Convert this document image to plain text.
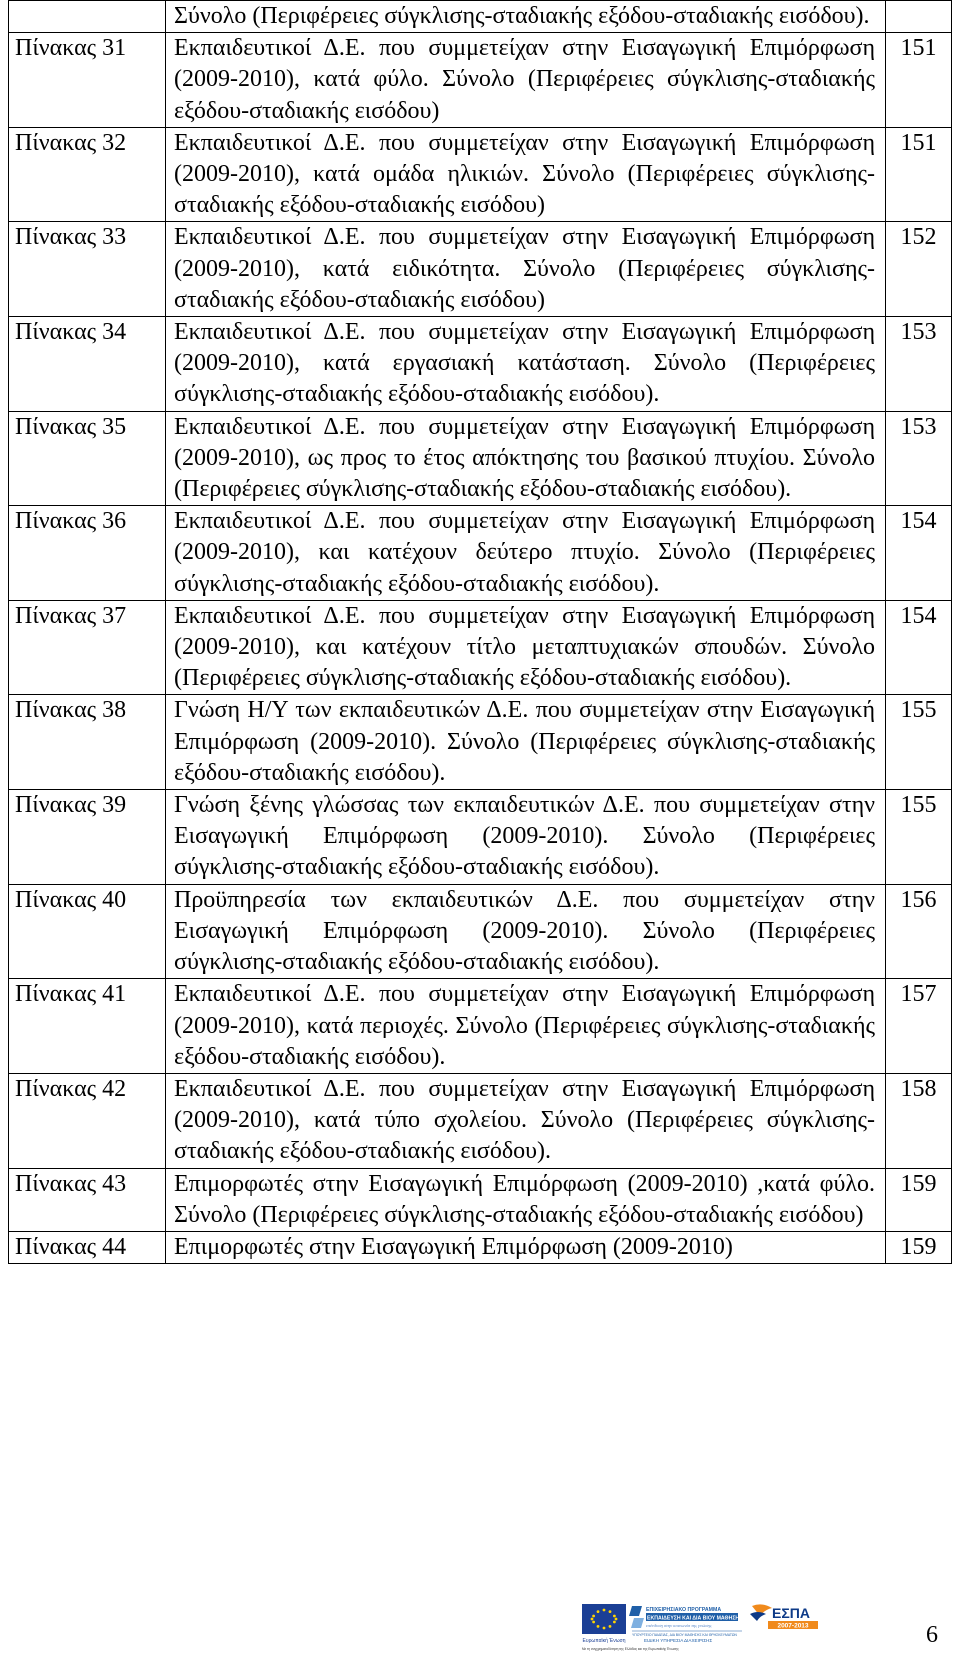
	Σύνολο (Περιφέρειες σύγκλισης-σταδιακής εξόδου-σταδιακής εισόδου).	
Πίνακας 31	Εκπαιδευτικοί Δ.Ε. που συμμετείχαν στην Εισαγωγική Επιμόρφωση (2009-2010), κατά φύλο. Σύνολο (Περιφέρειες σύγκλισης-σταδιακής εξόδου-σταδιακής εισόδου)	151
Πίνακας 32	Εκπαιδευτικοί Δ.Ε. που συμμετείχαν στην Εισαγωγική Επιμόρφωση (2009-2010), κατά ομάδα ηλικιών. Σύνολο (Περιφέρειες σύγκλισης-σταδιακής εξόδου-σταδιακής εισόδου)	151
Πίνακας 33	Εκπαιδευτικοί Δ.Ε. που συμμετείχαν στην Εισαγωγική Επιμόρφωση (2009-2010), κατά ειδικότητα. Σύνολο (Περιφέρειες σύγκλισης-σταδιακής εξόδου-σταδιακής εισόδου)	152
Πίνακας 34	Εκπαιδευτικοί Δ.Ε. που συμμετείχαν στην Εισαγωγική Επιμόρφωση (2009-2010), κατά εργασιακή κατάσταση. Σύνολο (Περιφέρειες σύγκλισης-σταδιακής εξόδου-σταδιακής εισόδου).	153
Πίνακας 35	Εκπαιδευτικοί Δ.Ε. που συμμετείχαν στην Εισαγωγική Επιμόρφωση (2009-2010), ως προς το έτος απόκτησης του βασικού πτυχίου. Σύνολο (Περιφέρειες σύγκλισης-σταδιακής εξόδου-σταδιακής εισόδου).	153
Πίνακας 36	Εκπαιδευτικοί Δ.Ε. που συμμετείχαν στην Εισαγωγική Επιμόρφωση (2009-2010), και κατέχουν δεύτερο πτυχίο. Σύνολο (Περιφέρειες σύγκλισης-σταδιακής εξόδου-σταδιακής εισόδου).	154
Πίνακας 37	Εκπαιδευτικοί Δ.Ε. που συμμετείχαν στην Εισαγωγική Επιμόρφωση (2009-2010), και κατέχουν τίτλο μεταπτυχιακών σπουδών. Σύνολο (Περιφέρειες σύγκλισης-σταδιακής εξόδου-σταδιακής εισόδου).	154
Πίνακας 38	Γνώση Η/Υ των εκπαιδευτικών Δ.Ε. που συμμετείχαν στην Εισαγωγική Επιμόρφωση (2009-2010). Σύνολο (Περιφέρειες σύγκλισης-σταδιακής εξόδου-σταδιακής εισόδου).	155
Πίνακας 39	Γνώση ξένης γλώσσας των εκπαιδευτικών Δ.Ε. που συμμετείχαν στην Εισαγωγική Επιμόρφωση (2009-2010). Σύνολο (Περιφέρειες σύγκλισης-σταδιακής εξόδου-σταδιακής εισόδου).	155
Πίνακας 40	Προϋπηρεσία των εκπαιδευτικών Δ.Ε. που συμμετείχαν στην Εισαγωγική Επιμόρφωση (2009-2010). Σύνολο (Περιφέρειες σύγκλισης-σταδιακής εξόδου-σταδιακής εισόδου).	156
Πίνακας 41	Εκπαιδευτικοί Δ.Ε. που συμμετείχαν στην Εισαγωγική Επιμόρφωση (2009-2010), κατά περιοχές. Σύνολο (Περιφέρειες σύγκλισης-σταδιακής εξόδου-σταδιακής εισόδου).	157
Πίνακας 42	Εκπαιδευτικοί Δ.Ε. που συμμετείχαν στην Εισαγωγική Επιμόρφωση (2009-2010), κατά τύπο σχολείου. Σύνολο (Περιφέρειες σύγκλισης-σταδιακής εξόδου-σταδιακής εισόδου).	158
Πίνακας 43	Επιμορφωτές στην Εισαγωγική Επιμόρφωση (2009-2010) ,κατά φύλο. Σύνολο (Περιφέρειες σύγκλισης-σταδιακής εξόδου-σταδιακής εισόδου)	159
Πίνακας 44	Επιμορφωτές στην Εισαγωγική Επιμόρφωση (2009-2010)	159
Ευρωπαϊκή Ένωση
ΕΠΙΧΕΙΡΗΣΙΑΚΟ ΠΡΟΓΡΑΜΜΑ
ΕΚΠΑΙΔΕΥΣΗ ΚΑΙ ΔΙΑ ΒΙΟΥ ΜΑΘΗΣΗ
επένδυση στην κοινωνία της γνώσης
ΥΠΟΥΡΓΕΙΟ ΠΑΙΔΕΙΑΣ, ΔΙΑ ΒΙΟΥ ΜΑΘΗΣΗΣ ΚΑΙ ΘΡΗΣΚΕΥΜΑΤΩΝ
ΕΙΔΙΚΗ ΥΠΗΡΕΣΙΑ ΔΙΑΧΕΙΡΙΣΗΣ
ΕΣΠΑ
2007-2013
Με τη συγχρηματοδότηση της Ελλάδας και της Ευρωπαϊκής Ένωσης
6
